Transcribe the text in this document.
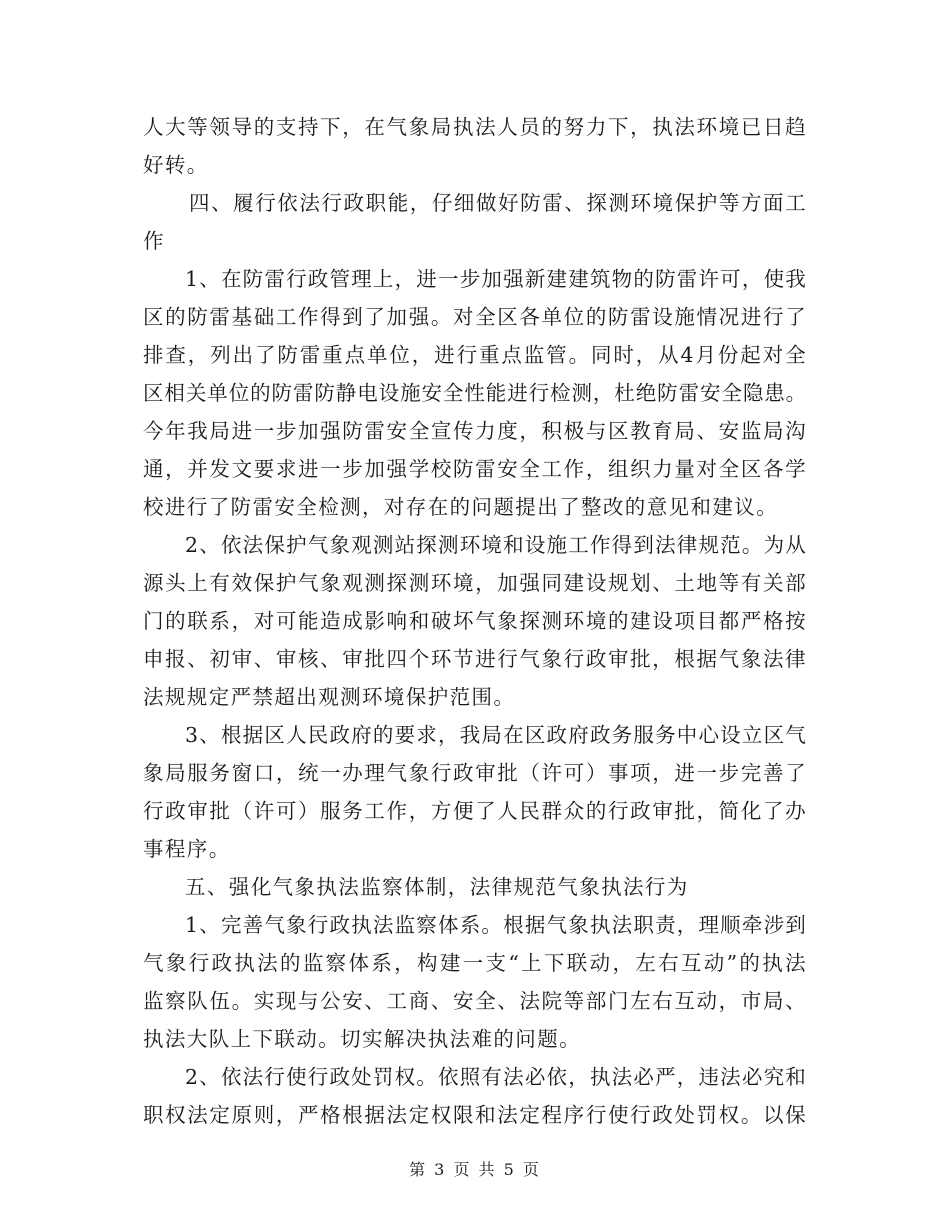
人大等领导的支持下，在气象局执法人员的努力下，执法环境已日趋
好转。
四、履行依法行政职能，仔细做好防雷、探测环境保护等方面工
作
1、在防雷行政管理上，进一步加强新建建筑物的防雷许可，使我
区的防雷基础工作得到了加强。对全区各单位的防雷设施情况进行了
排查，列出了防雷重点单位，进行重点监管。同时，从4月份起对全
区相关单位的防雷防静电设施安全性能进行检测，杜绝防雷安全隐患。
今年我局进一步加强防雷安全宣传力度，积极与区教育局、安监局沟
通，并发文要求进一步加强学校防雷安全工作，组织力量对全区各学
校进行了防雷安全检测，对存在的问题提出了整改的意见和建议。
2、依法保护气象观测站探测环境和设施工作得到法律规范。为从
源头上有效保护气象观测探测环境，加强同建设规划、土地等有关部
门的联系，对可能造成影响和破坏气象探测环境的建设项目都严格按
申报、初审、审核、审批四个环节进行气象行政审批，根据气象法律
法规规定严禁超出观测环境保护范围。
3、根据区人民政府的要求，我局在区政府政务服务中心设立区气
象局服务窗口，统一办理气象行政审批（许可）事项，进一步完善了
行政审批（许可）服务工作，方便了人民群众的行政审批，简化了办
事程序。
五、强化气象执法监察体制，法律规范气象执法行为
1、完善气象行政执法监察体系。根据气象执法职责，理顺牵涉到
气象行政执法的监察体系，构建一支“上下联动，左右互动”的执法
监察队伍。实现与公安、工商、安全、法院等部门左右互动，市局、
执法大队上下联动。切实解决执法难的问题。
2、依法行使行政处罚权。依照有法必依，执法必严，违法必究和
职权法定原则，严格根据法定权限和法定程序行使行政处罚权。以保
第 3 页 共 5 页
